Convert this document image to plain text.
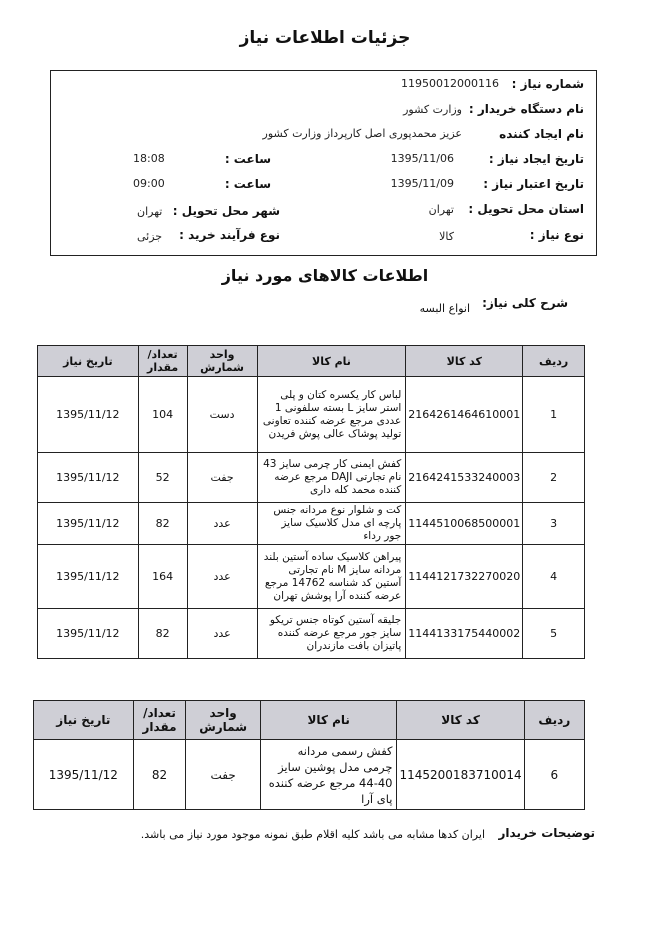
جزئیات اطلاعات نیاز
شماره نیاز :
11950012000116
نام دستگاه خریدار :
وزارت کشور
نام ایجاد کننده
عزیز محمدپوری اصل کارپرداز وزارت کشور
تاریخ ایجاد نیاز :
1395/11/06
ساعت :
18:08
تاریخ اعتبار نیاز :
1395/11/09
ساعت :
09:00
استان محل تحویل :
تهران
شهر محل تحویل :
تهران
نوع نیاز :
کالا
نوع فرآیند خرید :
جزئی
اطلاعات کالاهای مورد نیاز
شرح کلی نیاز:
انواع البسه
ردیف	کد کالا	نام کالا	واحد شمارش	تعداد/ مقدار	تاریخ نیاز
1	2164261464610001	لباس کار یکسره کتان و پلی استر سایز L بسته سلفونی 1 عددی مرجع عرضه کننده تعاونی تولید پوشاک عالی پوش فریدن	دست	104	1395/11/12
2	2164241533240003	کفش ایمنی کار چرمی سایز 43 نام تجارتی DAJI مرجع عرضه کننده محمد کله داری	جفت	52	1395/11/12
3	1144510068500001	کت و شلوار نوع مردانه جنس پارچه ای مدل کلاسیک سایز جور رداء	عدد	82	1395/11/12
4	1144121732270020	پیراهن کلاسیک ساده آستین بلند مردانه سایز M نام تجارتی آستین کد شناسه 14762 مرجع عرضه کننده آرا پوشش تهران	عدد	164	1395/11/12
5	1144133175440002	جلیقه آستین کوتاه جنس تریکو سایز جور مرجع عرضه کننده پاتیزان بافت مازندران	عدد	82	1395/11/12
ردیف	کد کالا	نام کالا	واحد شمارش	تعداد/ مقدار	تاریخ نیاز
6	1145200183710014	کفش رسمی مردانه چرمی مدل پوشین سایز 40-44 مرجع عرضه کننده پای آرا	جفت	82	1395/11/12
توضیحات خریدار
ایران کدها مشابه می باشد کلیه اقلام طبق نمونه موجود مورد نیاز می باشد.
